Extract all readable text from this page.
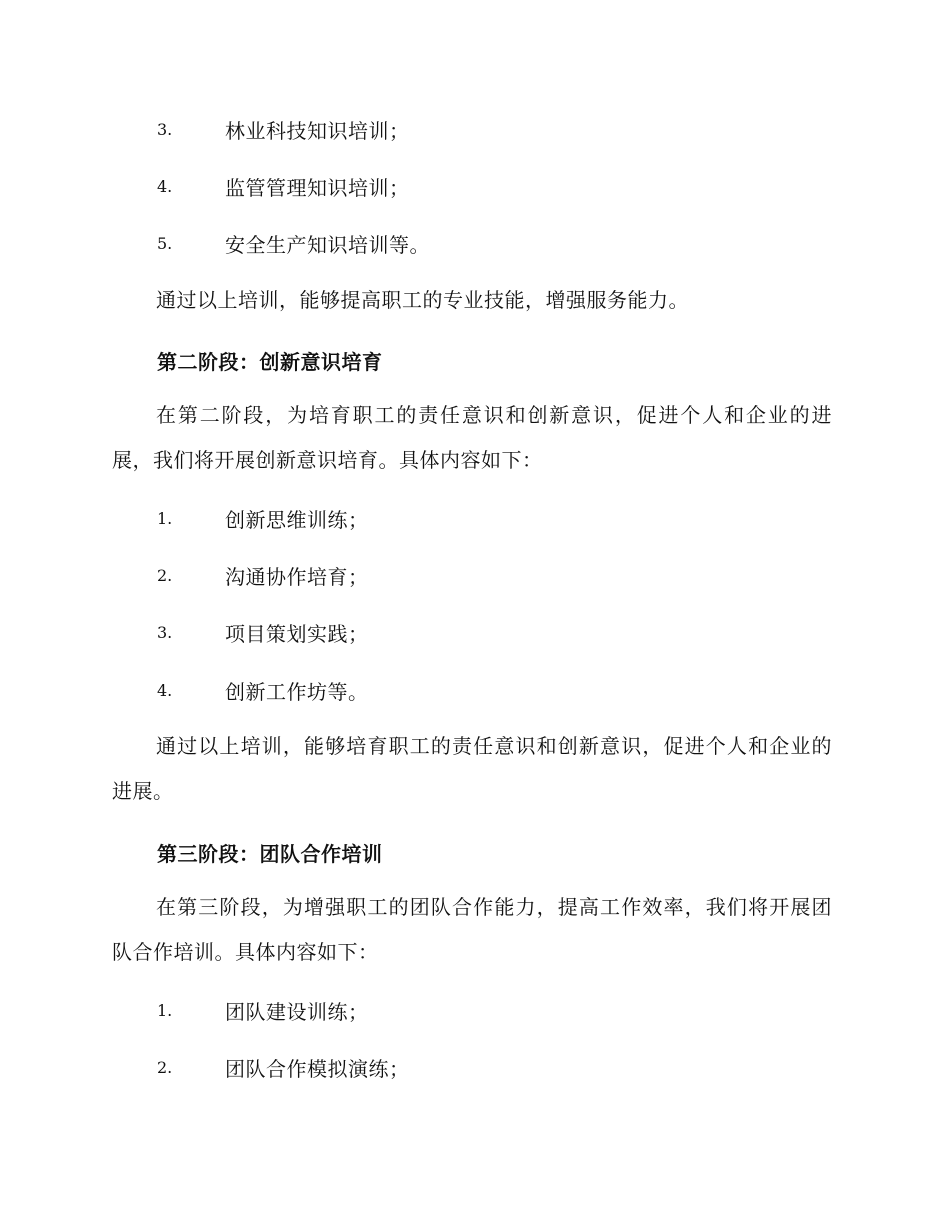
3.	林业科技知识培训；
4.	监管管理知识培训；
5.	安全生产知识培训等。

通过以上培训，能够提高职工的专业技能，增强服务能力。

第二阶段：创新意识培育

在第二阶段，为培育职工的责任意识和创新意识，促进个人和企业的进展，我们将开展创新意识培育。具体内容如下：

1.	创新思维训练；
2.	沟通协作培育；
3.	项目策划实践；
4.	创新工作坊等。

通过以上培训，能够培育职工的责任意识和创新意识，促进个人和企业的进展。

第三阶段：团队合作培训

在第三阶段，为增强职工的团队合作能力，提高工作效率，我们将开展团队合作培训。具体内容如下：

1.	团队建设训练；
2.	团队合作模拟演练；
